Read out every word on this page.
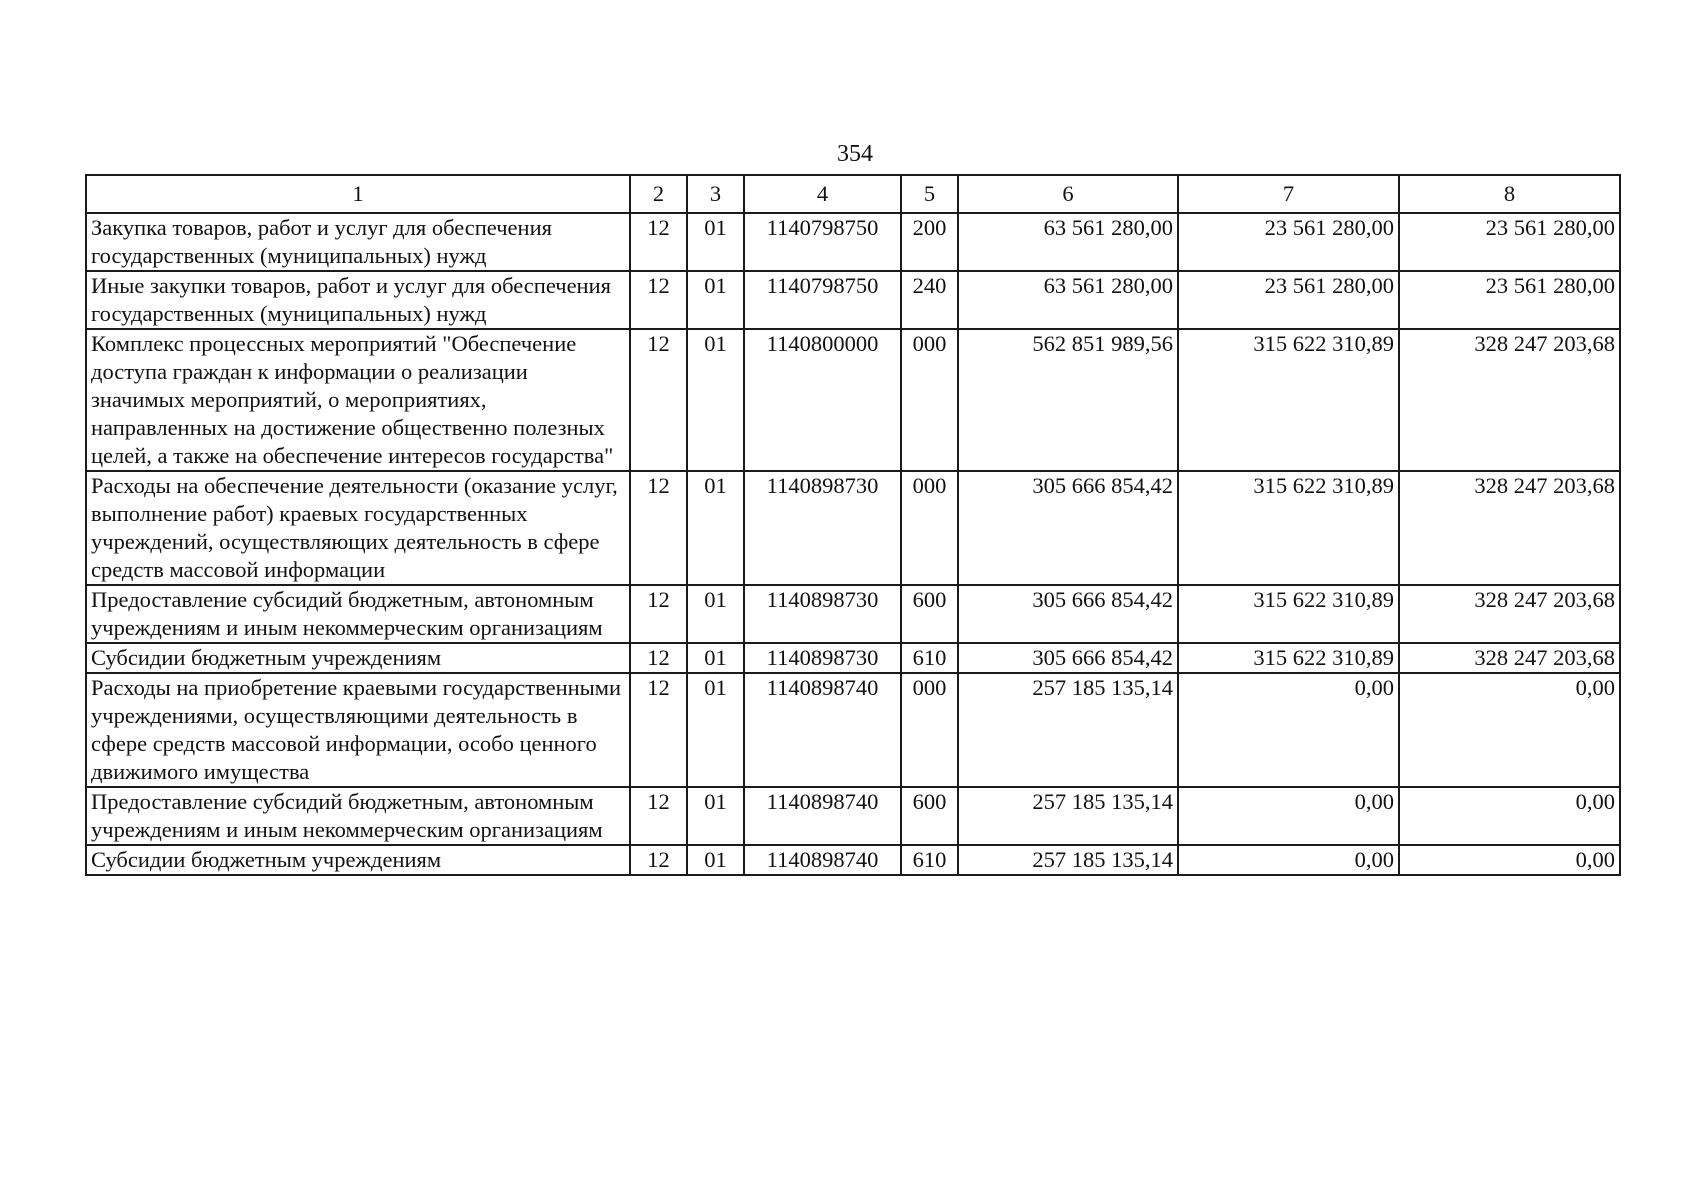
354
1	2	3	4	5	6	7	8
Закупка товаров, работ и услуг для обеспечения государственных (муниципальных) нужд	12	01	1140798750	200	63 561 280,00	23 561 280,00	23 561 280,00
Иные закупки товаров, работ и услуг для обеспечения государственных (муниципальных) нужд	12	01	1140798750	240	63 561 280,00	23 561 280,00	23 561 280,00
Комплекс процессных мероприятий "Обеспечение доступа граждан к информации о реализации значимых мероприятий, о мероприятиях, направленных на достижение общественно полезных целей, а также на обеспечение интересов государства"	12	01	1140800000	000	562 851 989,56	315 622 310,89	328 247 203,68
Расходы на обеспечение деятельности (оказание услуг, выполнение работ) краевых государственных учреждений, осуществляющих деятельность в сфере средств массовой информации	12	01	1140898730	000	305 666 854,42	315 622 310,89	328 247 203,68
Предоставление субсидий бюджетным, автономным учреждениям и иным некоммерческим организациям	12	01	1140898730	600	305 666 854,42	315 622 310,89	328 247 203,68
Субсидии бюджетным учреждениям	12	01	1140898730	610	305 666 854,42	315 622 310,89	328 247 203,68
Расходы на приобретение краевыми государственными учреждениями, осуществляющими деятельность в сфере средств массовой информации, особо ценного движимого имущества	12	01	1140898740	000	257 185 135,14	0,00	0,00
Предоставление субсидий бюджетным, автономным учреждениям и иным некоммерческим организациям	12	01	1140898740	600	257 185 135,14	0,00	0,00
Субсидии бюджетным учреждениям	12	01	1140898740	610	257 185 135,14	0,00	0,00
